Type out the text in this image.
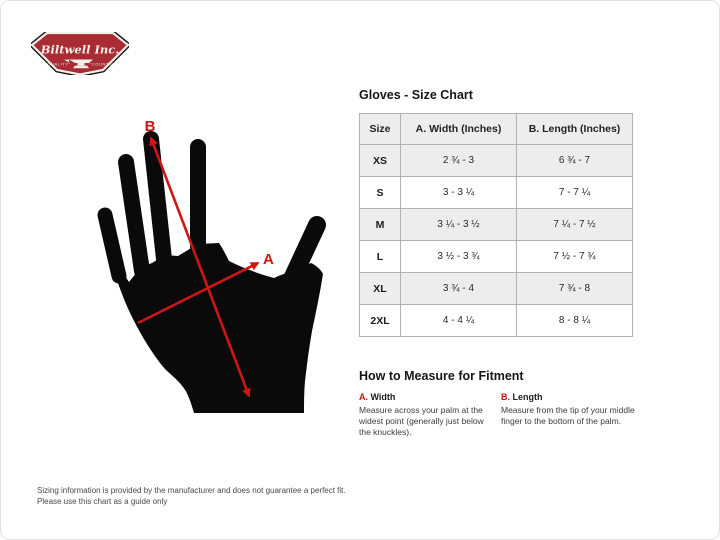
Biltwell Inc.
"QUALITY"	"COUNTS"
B
A
Gloves - Size Chart
Size	A. Width (Inches)	B. Length (Inches)
XS	2 ¾ - 3	6 ¾ - 7
S	3 - 3 ¼	7 - 7 ¼
M	3 ¼ - 3 ½	7 ¼ - 7 ½
L	3 ½ - 3 ¾	7 ½ - 7 ¾
XL	3 ¾ - 4	7 ¾ - 8
2XL	4 - 4 ¼	8 - 8 ¼
How to Measure for Fitment
A. Width
Measure across your palm at the widest point (generally just below the knuckles).
B. Length
Measure from the tip of your middle finger to the bottom of the palm.
Sizing information is provided by the manufacturer and does not guarantee a perfect fit.
Please use this chart as a guide only
